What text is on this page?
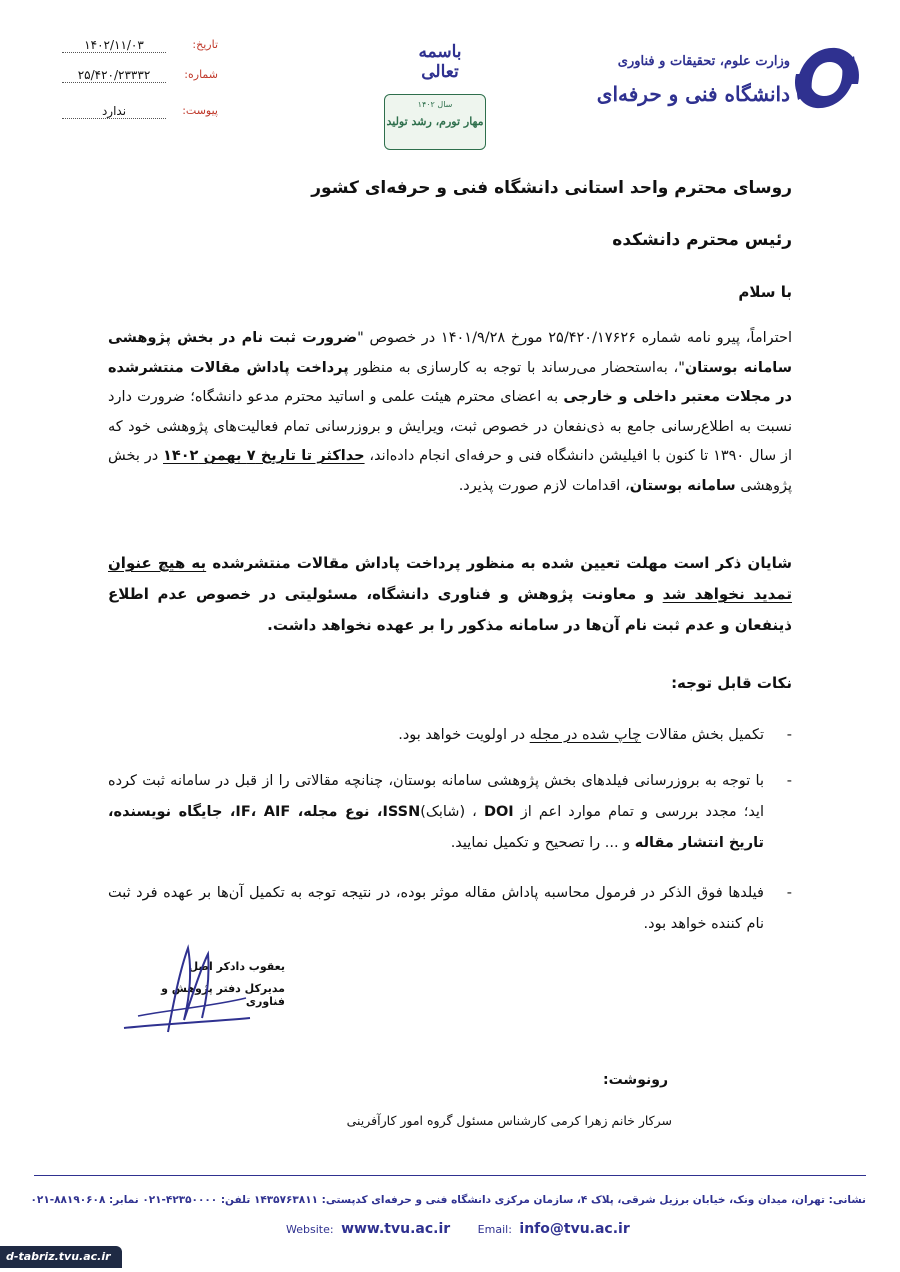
تاریخ:
۱۴۰۲/۱۱/۰۳
شماره:
۲۵/۴۲۰/۲۳۳۳۲
پیوست:
ندارد
باسمه تعالی
سال ۱۴۰۲
مهار تورم، رشد تولید
وزارت علوم، تحقیقات و فناوری
دانشگاه فنی و حرفه‌ای
روسای محترم واحد استانی دانشگاه فنی و حرفه‌ای کشور
رئیس محترم دانشکده
با سلام
احتراماً، پیرو نامه شماره ۲۵/۴۲۰/۱۷۶۲۶ مورخ ۱۴۰۱/۹/۲۸ در خصوص "ضرورت ثبت نام در بخش پژوهشی سامانه بوستان"، به‌استحضار می‌رساند با توجه به کارسازی به منظور پرداخت پاداش مقالات منتشرشده در مجلات معتبر داخلی و خارجی به اعضای محترم هیئت علمی و اساتید محترم مدعو دانشگاه؛ ضرورت دارد نسبت به اطلاع‌رسانی جامع به ذی‌نفعان در خصوص ثبت، ویرایش و بروزرسانی تمام فعالیت‌های پژوهشی خود که از سال ۱۳۹۰ تا کنون با افیلیشن دانشگاه فنی و حرفه‌ای انجام داده‌اند، حداکثر تا تاریخ ۷ بهمن ۱۴۰۲ در بخش پژوهشی سامانه بوستان، اقدامات لازم صورت پذیرد.
شایان ذکر است مهلت تعیین شده به منظور پرداخت پاداش مقالات منتشرشده به هیچ عنوان تمدید نخواهد شد و معاونت پژوهش و فناوری دانشگاه، مسئولیتی در خصوص عدم اطلاع ذینفعان و عدم ثبت نام آن‌ها در سامانه مذکور را بر عهده نخواهد داشت.
نکات قابل توجه:
-
تکمیل بخش مقالات چاپ شده در مجله در اولویت خواهد بود.
-
با توجه به بروزرسانی فیلدهای بخش پژوهشی سامانه بوستان، چنانچه مقالاتی را از قبل در سامانه ثبت کرده اید؛ مجدد بررسی و تمام موارد اعم از DOI ، (شابک)ISSN، نوع مجله، IF، AIF، جایگاه نویسنده، تاریخ انتشار مقاله و ... را تصحیح و تکمیل نمایید.
-
فیلدها فوق الذکر در فرمول محاسبه پاداش مقاله موثر بوده، در نتیجه توجه به تکمیل آن‌ها بر عهده فرد ثبت نام کننده خواهد بود.
یعقوب دادکر اصل
مدیرکل دفتر پژوهش و فناوری
رونوشت:
سرکار خانم زهرا کرمی کارشناس مسئول گروه امور کارآفرینی
نشانی: تهران، میدان ونک، خیابان برزیل شرقی، پلاک ۴، سازمان مرکزی دانشگاه فنی و حرفه‌ای کدپستی: ۱۴۳۵۷۶۳۸۱۱ تلفن: ۴۲۳۵۰۰۰۰-۰۲۱ نمابر: ۸۸۱۹۰۶۰۸-۰۲۱
Website: www.tvu.ac.ir	Email: info@tvu.ac.ir
d-tabriz.tvu.ac.ir
